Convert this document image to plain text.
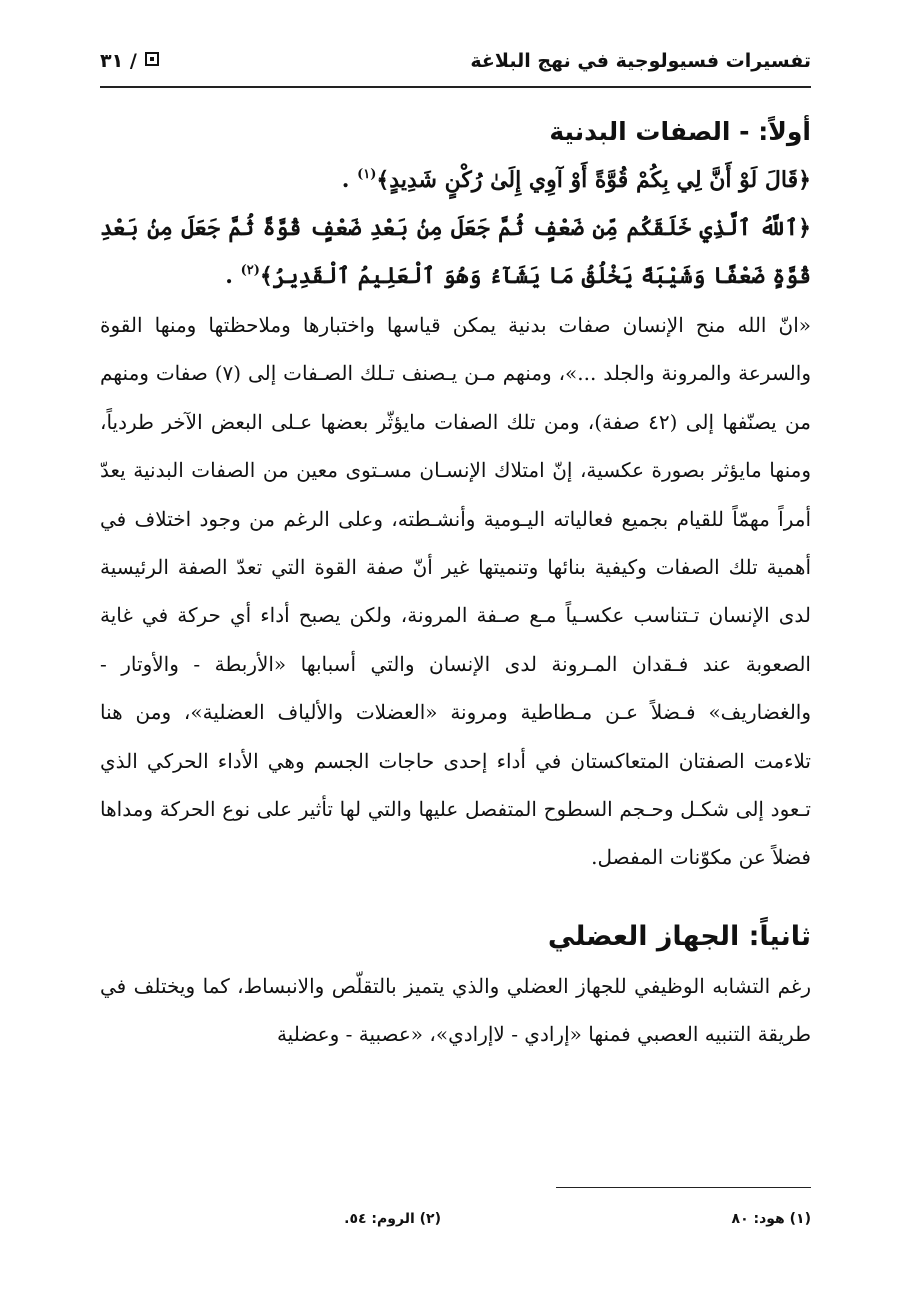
تفسيرات فسيولوجية في نهج البلاغة
٣١ /

أولاً: - الصفات البدنية

﴿قَالَ لَوْ أَنَّ لِي بِكُمْ قُوَّةً أَوْ آوِي إِلَىٰ رُكْنٍ شَدِيدٍ﴾$^{(١)}$ .

﴿ٱللَّهُ ٱلَّذِي خَلَقَكُم مِّن ضَعْفٍ ثُمَّ جَعَلَ مِنۢ بَعْدِ ضَعْفٍ قُوَّةً ثُمَّ جَعَلَ مِنۢ بَعْدِ قُوَّةٍ ضَعْفًا وَشَيْبَةً يَخْلُقُ مَا يَشَآءُ وَهُوَ ٱلْعَلِيمُ ٱلْقَدِيرُ﴾$^{(٢)}$ .

«انّ الله منح الإنسان صفات بدنية يمكن قياسها واختبارها وملاحظتها ومنها القوة والسرعة والمرونة والجلد ...»، ومنهم مـن يـصنف تـلك الصـفات إلى (٧) صفات ومنهم من يصنّفها إلى (٤٢ صفة)، ومن تلك الصفات مايؤثّر بعضها عـلى البعض الآخر طردياً، ومنها مايؤثر بصورة عكسية، إنّ امتلاك الإنسـان مسـتوى معين من الصفات البدنية يعدّ أمراً مهمّاً للقيام بجميع فعالياته اليـومية وأنشـطته، وعلى الرغم من وجود اختلاف في أهمية تلك الصفات وكيفية بنائها وتنميتها غير أنّ صفة القوة التي تعدّ الصفة الرئيسية لدى الإنسان تـتناسب عكسـياً مـع صـفة المرونة، ولكن يصبح أداء أي حركة في غاية الصعوبة عند فـقدان المـرونة لدى الإنسان والتي أسبابها «الأربطة - والأوتار - والغضاريف» فـضلاً عـن مـطاطية ومرونة «العضلات والألياف العضلية»، ومن هنا تلاءمت الصفتان المتعاكستان في أداء إحدى حاجات الجسم وهي الأداء الحركي الذي تـعود إلى شكـل وحـجم السطوح المتفصل عليها والتي لها تأثير على نوع الحركة ومداها فضلاً عن مكوّنات المفصل.

ثانياً: الجهاز العضلي

رغم التشابه الوظيفي للجهاز العضلي والذي يتميز بالتقلّص والانبساط، كما ويختلف في طريقة التنبيه العصبي فمنها «إرادي - لاإرادي»، «عصبية - وعضلية

(١) هود: ٨٠
(٢) الروم: ٥٤.
